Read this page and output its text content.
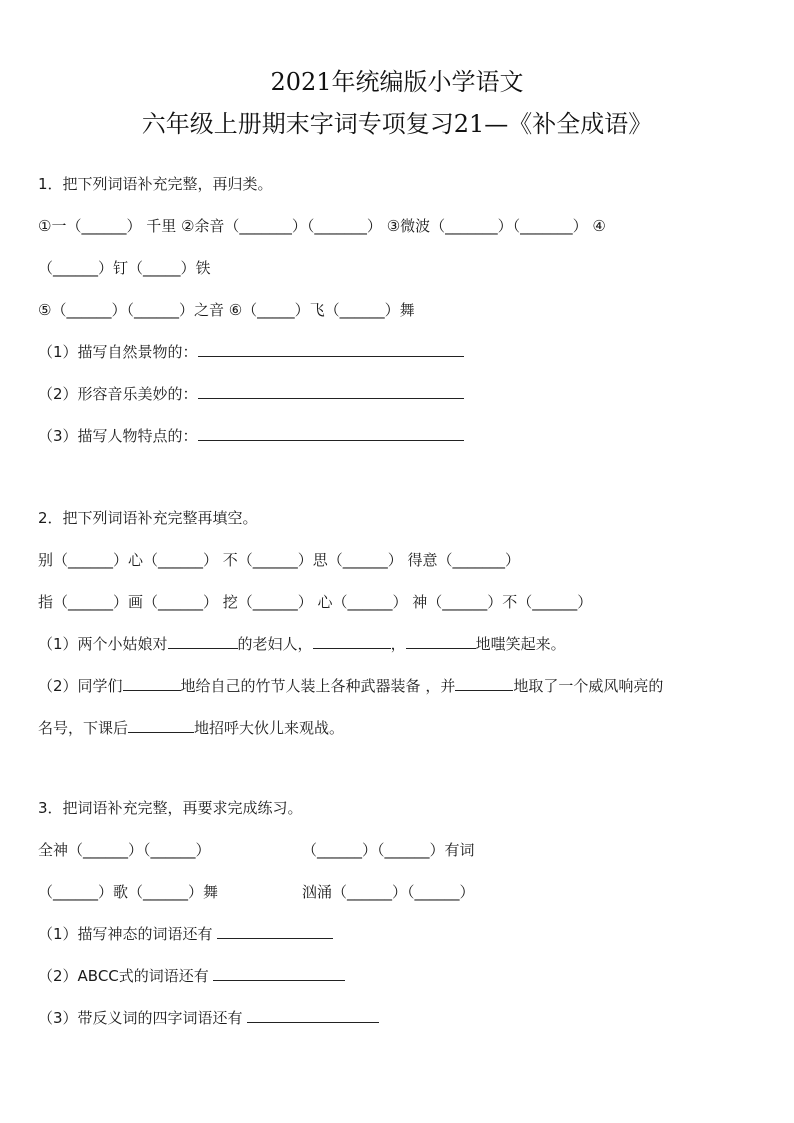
2021年统编版小学语文
六年级上册期末字词专项复习21—《补全成语》
1．把下列词语补充完整，再归类。
①一（______） 千里 ②余音（_______）（_______） ③微波（_______）（_______） ④
（______）钉（_____）铁
⑤（______）（______）之音 ⑥（_____）飞（______）舞
（1）描写自然景物的：
（2）形容音乐美妙的：
（3）描写人物特点的：
2．把下列词语补充完整再填空。
别（______）心（______） 不（______）思（______） 得意（_______）
指（______）画（______） 挖（______） 心（______） 神（______）不（______）
（1）两个小姑娘对	的老妇人，	，	地嗤笑起来。
（2）同学们	地给自己的竹节人装上各种武器装备 ，并	地取了一个威风响亮的
名号，下课后	地招呼大伙儿来观战。
3．把词语补充完整，再要求完成练习。
全神（______）（______）	（______）（______）有词
（______）歌（______）舞	汹涌（______）（______）
（1）描写神态的词语还有
（2）ABCC式的词语还有
（3）带反义词的四字词语还有
